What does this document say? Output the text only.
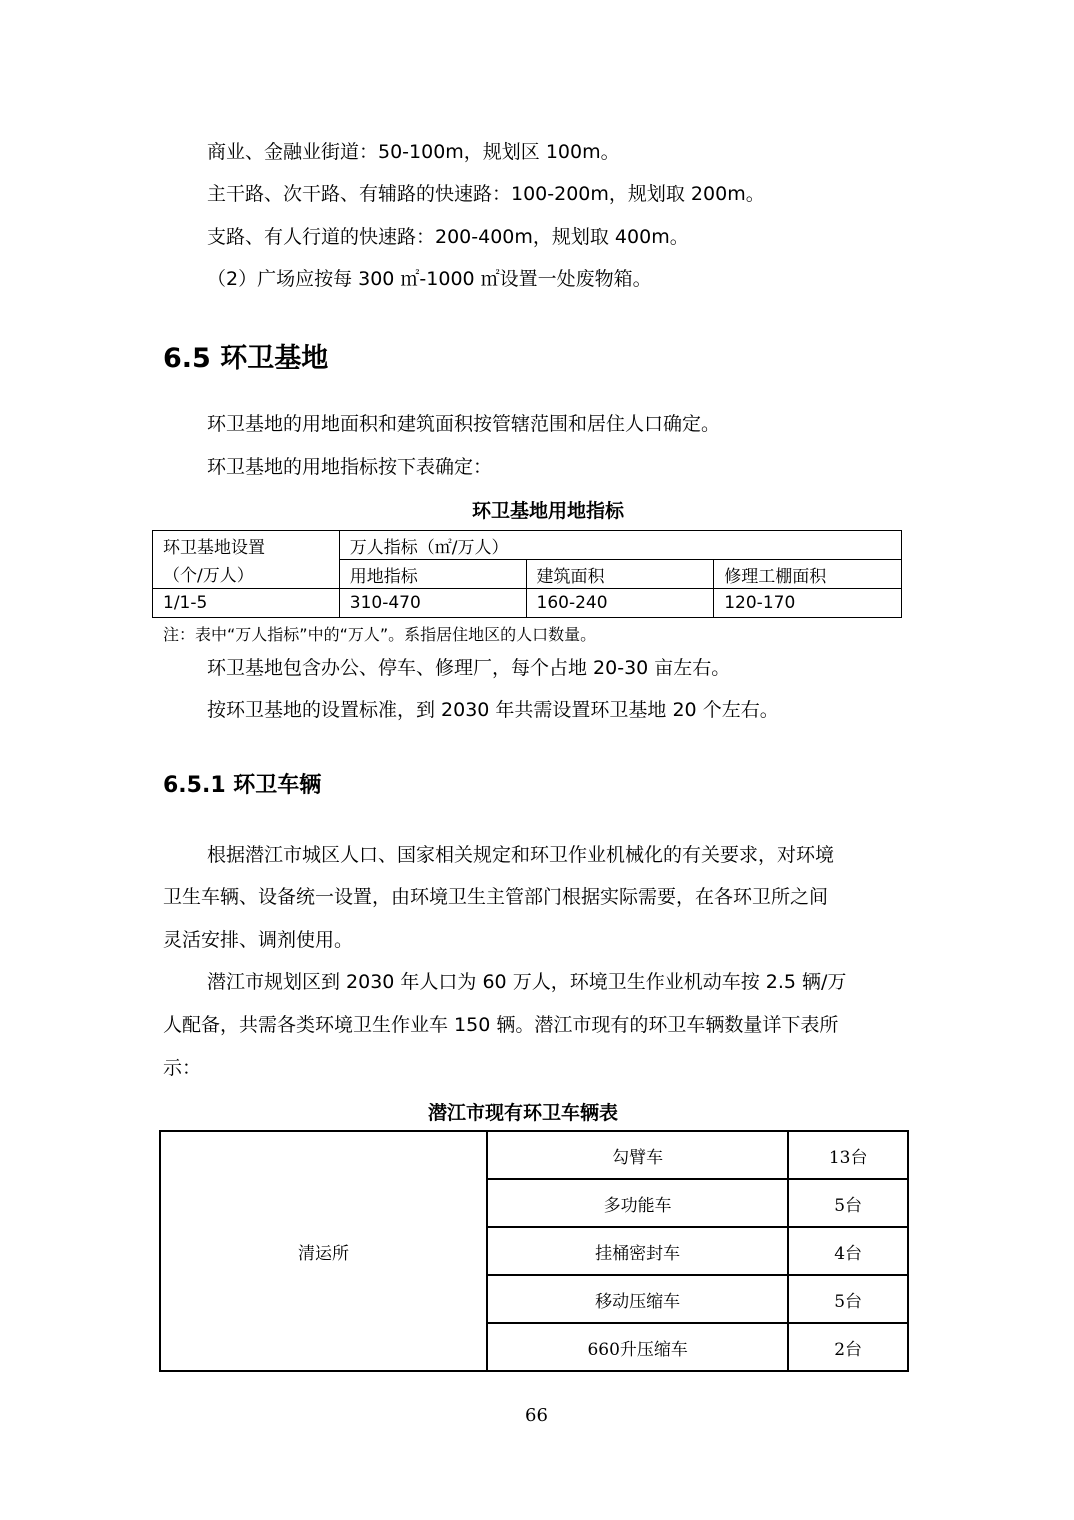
商业、金融业街道：50-100m，规划区 100m。
主干路、次干路、有辅路的快速路：100-200m，规划取 200m。
支路、有人行道的快速路：200-400m，规划取 400m。
（2）广场应按每 300 ㎡-1000 ㎡设置一处废物箱。
6.5 环卫基地
环卫基地的用地面积和建筑面积按管辖范围和居住人口确定。
环卫基地的用地指标按下表确定：
环卫基地用地指标
环卫基地设置	万人指标（㎡/万人）		
（个/万人）	用地指标	建筑面积	修理工棚面积
1/1-5	310-470	160-240	120-170
注：表中“万人指标”中的“万人”。系指居住地区的人口数量。
环卫基地包含办公、停车、修理厂，每个占地 20-30 亩左右。
按环卫基地的设置标准，到 2030 年共需设置环卫基地 20 个左右。
6.5.1 环卫车辆
根据潜江市城区人口、国家相关规定和环卫作业机械化的有关要求，对环境
卫生车辆、设备统一设置，由环境卫生主管部门根据实际需要，在各环卫所之间
灵活安排、调剂使用。
潜江市规划区到 2030 年人口为 60 万人，环境卫生作业机动车按 2.5 辆/万
人配备，共需各类环境卫生作业车 150 辆。潜江市现有的环卫车辆数量详下表所
示：
潜江市现有环卫车辆表
清运所	勾臂车	13台
	多功能车	5台
	挂桶密封车	4台
	移动压缩车	5台
	660升压缩车	2台
66
